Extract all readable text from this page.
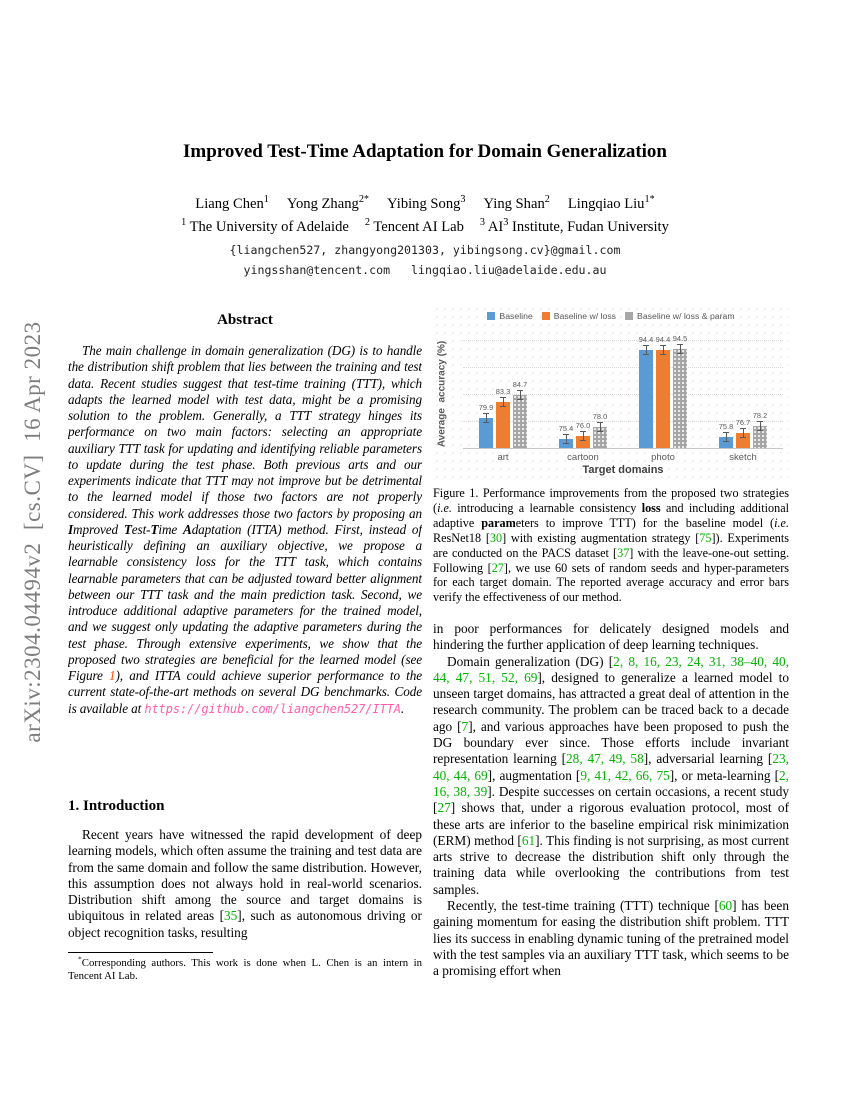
arXiv:2304.04494v2  [cs.CV]  16 Apr 2023
Improved Test-Time Adaptation for Domain Generalization
Liang Chen$^1$ Yong Zhang$^{2*}$ Yibing Song$^3$ Ying Shan$^2$ Lingqiao Liu$^{1*}$
$^1$ The University of Adelaide $^2$ Tencent AI Lab $^3$ $AI^3$ Institute, Fudan University
{liangchen527, zhangyong201303, yibingsong.cv}@gmail.com
yingsshan@tencent.com   lingqiao.liu@adelaide.edu.au
Abstract

The main challenge in domain generalization (DG) is to handle the distribution shift problem that lies between the training and test data. Recent studies suggest that test-time training (TTT), which adapts the learned model with test data, might be a promising solution to the problem. Generally, a TTT strategy hinges its performance on two main factors: selecting an appropriate auxiliary TTT task for updating and identifying reliable parameters to update during the test phase. Both previous arts and our experiments indicate that TTT may not improve but be detrimental to the learned model if those two factors are not properly considered. This work addresses those two factors by proposing an Improved Test-Time Adaptation (ITTA) method. First, instead of heuristically defining an auxiliary objective, we propose a learnable consistency loss for the TTT task, which contains learnable parameters that can be adjusted toward better alignment between our TTT task and the main prediction task. Second, we introduce additional adaptive parameters for the trained model, and we suggest only updating the adaptive parameters during the test phase. Through extensive experiments, we show that the proposed two strategies are beneficial for the learned model (see Figure 1), and ITTA could achieve superior performance to the current state-of-the-art methods on several DG benchmarks. Code is available at https://github.com/liangchen527/ITTA.

1. Introduction

Recent years have witnessed the rapid development of deep learning models, which often assume the training and test data are from the same domain and follow the same distribution. However, this assumption does not always hold in real-world scenarios. Distribution shift among the source and target domains is ubiquitous in related areas [35], such as autonomous driving or object recognition tasks, resulting

*Corresponding authors. This work is done when L. Chen is an intern in Tencent AI Lab.

Baseline Baseline w/ loss Baseline w/ loss & param
79.9
83.3
84.7
art
75.4 76.0
78.0
cartoon
94.4 94.4 94.5
photo
75.8 76.7
78.2
sketch
Average  accuracy (%)
Target domains

Figure 1. Performance improvements from the proposed two strategies (i.e. introducing a learnable consistency loss and including additional adaptive parameters to improve TTT) for the baseline model (i.e. ResNet18 [30] with existing augmentation strategy [75]). Experiments are conducted on the PACS dataset [37] with the leave-one-out setting. Following [27], we use 60 sets of random seeds and hyper-parameters for each target domain. The reported average accuracy and error bars verify the effectiveness of our method.

in poor performances for delicately designed models and hindering the further application of deep learning techniques.

Domain generalization (DG) [2, 8, 16, 23, 24, 31, 38–40, 40, 44, 47, 51, 52, 69], designed to generalize a learned model to unseen target domains, has attracted a great deal of attention in the research community. The problem can be traced back to a decade ago [7], and various approaches have been proposed to push the DG boundary ever since. Those efforts include invariant representation learning [28, 47, 49, 58], adversarial learning [23, 40, 44, 69], augmentation [9, 41, 42, 66, 75], or meta-learning [2, 16, 38, 39]. Despite successes on certain occasions, a recent study [27] shows that, under a rigorous evaluation protocol, most of these arts are inferior to the baseline empirical risk minimization (ERM) method [61]. This finding is not surprising, as most current arts strive to decrease the distribution shift only through the training data while overlooking the contributions from test samples.

Recently, the test-time training (TTT) technique [60] has been gaining momentum for easing the distribution shift problem. TTT lies its success in enabling dynamic tuning of the pretrained model with the test samples via an auxiliary TTT task, which seems to be a promising effort when
